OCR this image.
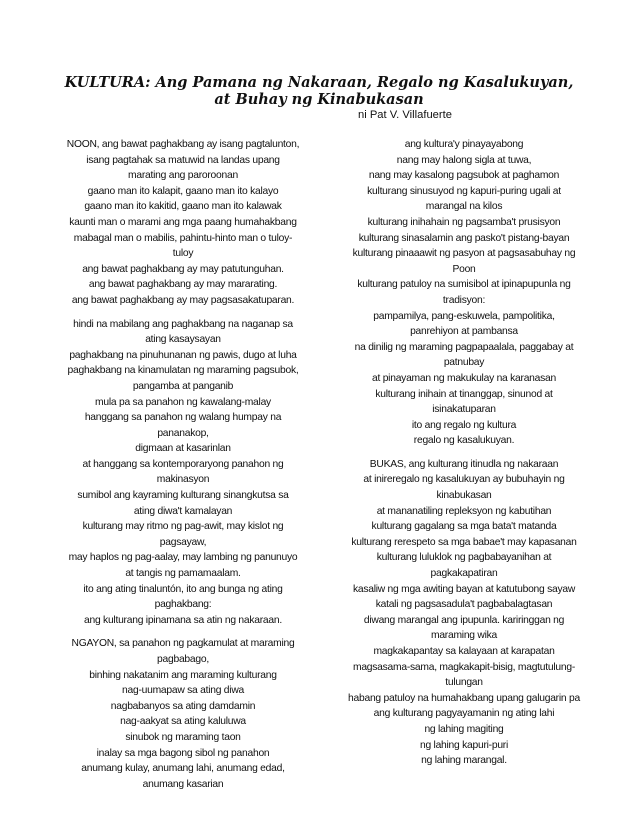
KULTURA: Ang Pamana ng Nakaraan, Regalo ng Kasalukuyan,
at Buhay ng Kinabukasan
ni Pat V. Villafuerte
NOON, ang bawat paghakbang ay isang pagtalunton,
isang pagtahak sa matuwid na landas upang
marating ang paroroonan
gaano man ito kalapit, gaano man ito kalayo
gaano man ito kakitid, gaano man ito kalawak
kaunti man o marami ang mga paang humahakbang
mabagal man o mabilis, pahintu-hinto man o tuloy-
tuloy
ang bawat paghakbang ay may patutunguhan.
ang bawat paghakbang ay may mararating.
ang bawat paghakbang ay may pagsasakatuparan.
hindi na mabilang ang paghakbang na naganap sa
ating kasaysayan
paghakbang na pinuhunanan ng pawis, dugo at luha
paghakbang na kinamulatan ng maraming pagsubok,
pangamba at panganib
mula pa sa panahon ng kawalang-malay
hanggang sa panahon ng walang humpay na
pananakop,
digmaan at kasarinlan
at hanggang sa kontemporaryong panahon ng
makinasyon
sumibol ang kayraming kulturang sinangkutsa sa
ating diwa't kamalayan
kulturang may ritmo ng pag-awit, may kislot ng
pagsayaw,
may haplos ng pag-aalay, may lambing ng panunuyo
at tangis ng pamamaalam.
ito ang ating tinaluntón, ito ang bunga ng ating
paghakbang:
ang kulturang ipinamana sa atin ng nakaraan.
NGAYON, sa panahon ng pagkamulat at maraming
pagbabago,
binhing nakatanim ang maraming kulturang
nag-uumapaw sa ating diwa
nagbabanyos sa ating damdamin
nag-aakyat sa ating kaluluwa
sinubok ng maraming taon
inalay sa mga bagong sibol ng panahon
anumang kulay, anumang lahi, anumang edad,
anumang kasarian
ang kultura'y pinayayabong
nang may halong sigla at tuwa,
nang may kasalong pagsubok at paghamon
kulturang sinusuyod ng kapuri-puring ugali at
marangal na kilos
kulturang inihahain ng pagsamba't prusisyon
kulturang sinasalamin ang pasko't pistang-bayan
kulturang pinaaawit ng pasyon at pagsasabuhay ng
Poon
kulturang patuloy na sumisibol at ipinapupunla ng
tradisyon:
pampamilya, pang-eskuwela, pampolitika,
panrehiyon at pambansa
na dinilig ng maraming pagpapaalala, paggabay at
patnubay
at pinayaman ng makukulay na karanasan
kulturang inihain at tinanggap, sinunod at
isinakatuparan
ito ang regalo ng kultura
regalo ng kasalukuyan.
BUKAS, ang kulturang itinudla ng nakaraan
at inireregalo ng kasalukuyan ay bubuhayin ng
kinabukasan
at mananatiling repleksyon ng kabutihan
kulturang gagalang sa mga bata't matanda
kulturang rerespeto sa mga babae't may kapasanan
kulturang luluklok ng pagbabayanihan at
pagkakapatiran
kasaliw ng mga awiting bayan at katutubong sayaw
katali ng pagsasadula't pagbabalagtasan
diwang marangal ang ipupunla. kariringgan ng
maraming wika
magkakapantay sa kalayaan at karapatan
magsasama-sama, magkakapit-bisig, magtutulung-
tulungan
habang patuloy na humahakbang upang galugarin pa
ang kulturang pagyayamanin ng ating lahi
ng lahing magiting
ng lahing kapuri-puri
ng lahing marangal.
